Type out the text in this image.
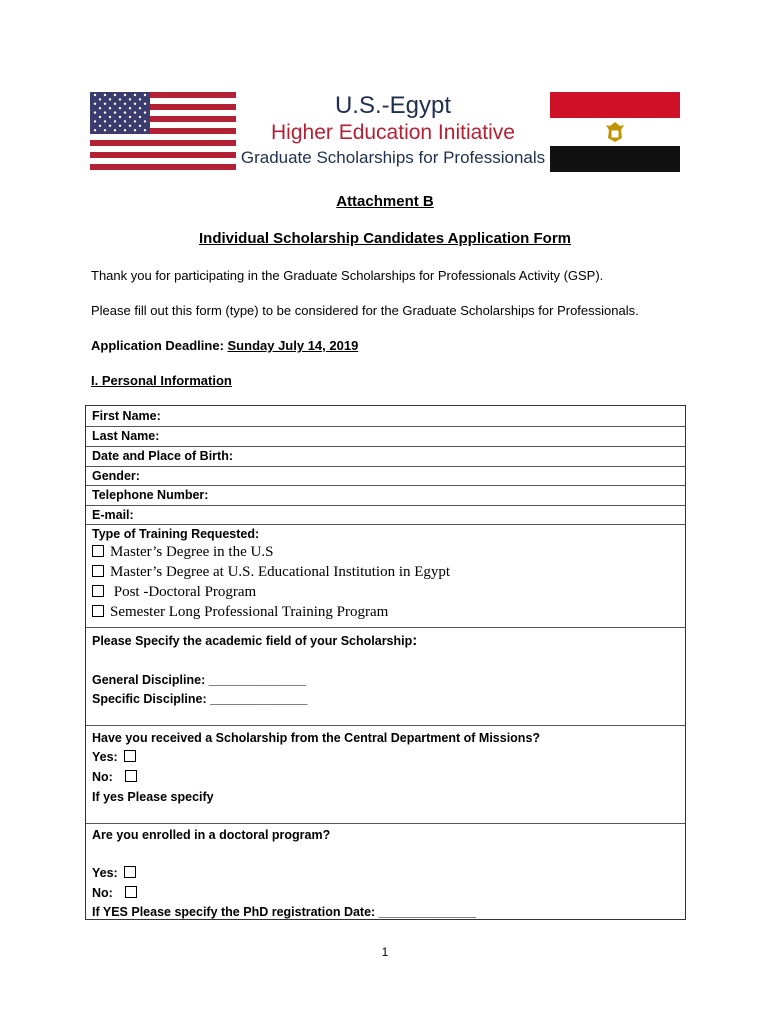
U.S.-Egypt
Higher Education Initiative
Graduate Scholarships for Professionals
Attachment B
Individual Scholarship Candidates Application Form
Thank you for participating in the Graduate Scholarships for Professionals Activity (GSP).
Please fill out this form (type) to be considered for the Graduate Scholarships for Professionals.
Application Deadline: Sunday July 14, 2019
I. Personal Information
First Name:
Last Name:
Date and Place of Birth:
Gender:
Telephone Number:
E-mail:
Type of Training Requested:
Master’s Degree in the U.S
Master’s Degree at U.S. Educational Institution in Egypt
Post -Doctoral Program
Semester Long Professional Training Program
Please Specify the academic field of your Scholarship:
General Discipline: ______________
Specific Discipline: ______________
Have you received a Scholarship from the Central Department of Missions?
Yes:
No:
If yes Please specify
Are you enrolled in a doctoral program?
Yes:
No:
If YES Please specify the PhD registration Date: ______________
1
